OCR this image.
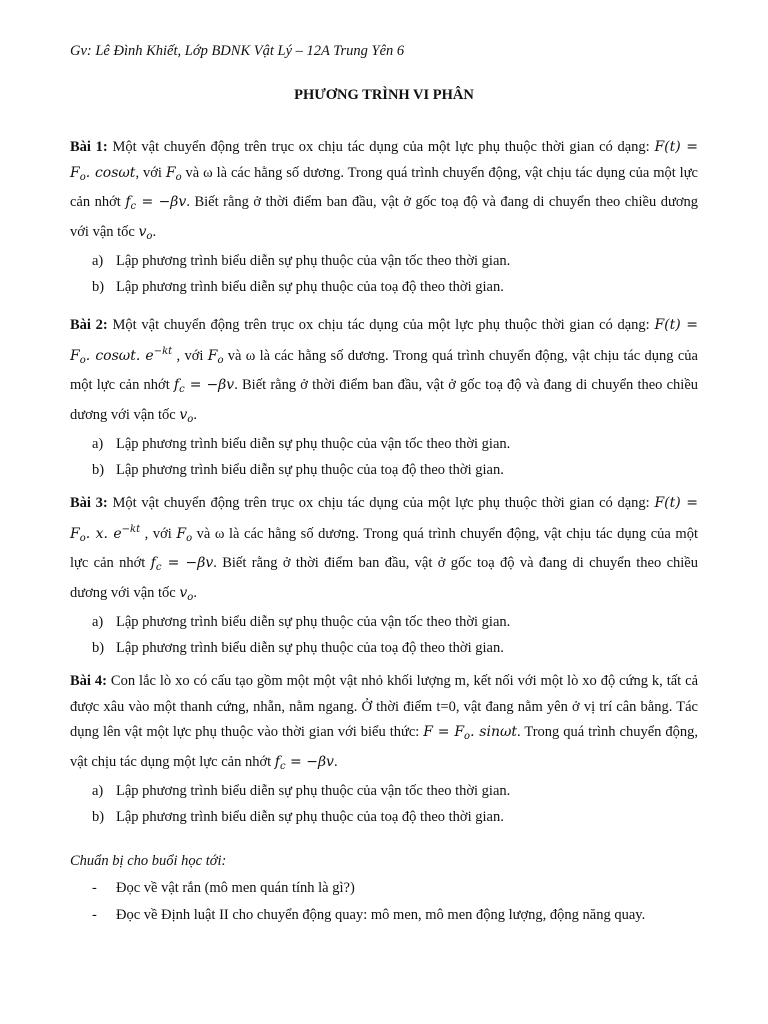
Gv: Lê Đình Khiết, Lớp BDNK Vật Lý – 12A Trung Yên 6
PHƯƠNG TRÌNH VI PHÂN
Bài 1: Một vật chuyển động trên trục ox chịu tác dụng của một lực phụ thuộc thời gian có dạng: $F(t) = F_o$. cosωt, với $F_o$ và ω là các hằng số dương. Trong quá trình chuyển động, vật chịu tác dụng của một lực cản nhớt $f_c = -\beta v$. Biết rằng ở thời điểm ban đầu, vật ở gốc toạ độ và đang di chuyển theo chiều dương với vận tốc $v_o$.
a) Lập phương trình biểu diễn sự phụ thuộc của vận tốc theo thời gian.
b) Lập phương trình biểu diễn sự phụ thuộc của toạ độ theo thời gian.
Bài 2: Một vật chuyển động trên trục ox chịu tác dụng của một lực phụ thuộc thời gian có dạng: $F(t) = F_o$. cosωt. $e^{-kt}$ , với $F_o$ và ω là các hằng số dương. Trong quá trình chuyển động, vật chịu tác dụng của một lực cản nhớt $f_c = -\beta v$. Biết rằng ở thời điểm ban đầu, vật ở gốc toạ độ và đang di chuyển theo chiều dương với vận tốc $v_o$.
a) Lập phương trình biểu diễn sự phụ thuộc của vận tốc theo thời gian.
b) Lập phương trình biểu diễn sự phụ thuộc của toạ độ theo thời gian.
Bài 3: Một vật chuyển động trên trục ox chịu tác dụng của một lực phụ thuộc thời gian có dạng: $F(t) = F_o$. x. $e^{-kt}$ , với $F_o$ và ω là các hằng số dương. Trong quá trình chuyển động, vật chịu tác dụng của một lực cản nhớt $f_c = -\beta v$. Biết rằng ở thời điểm ban đầu, vật ở gốc toạ độ và đang di chuyển theo chiều dương với vận tốc $v_o$.
a) Lập phương trình biểu diễn sự phụ thuộc của vận tốc theo thời gian.
b) Lập phương trình biểu diễn sự phụ thuộc của toạ độ theo thời gian.
Bài 4: Con lắc lò xo có cấu tạo gồm một một vật nhỏ khối lượng m, kết nối với một lò xo độ cứng k, tất cả được xâu vào một thanh cứng, nhẵn, nằm ngang. Ở thời điểm t=0, vật đang nằm yên ở vị trí cân bằng. Tác dụng lên vật một lực phụ thuộc vào thời gian với biểu thức: $F = F_o$. sinωt. Trong quá trình chuyển động, vật chịu tác dụng một lực cản nhớt $f_c = -\beta v$.
a) Lập phương trình biểu diễn sự phụ thuộc của vận tốc theo thời gian.
b) Lập phương trình biểu diễn sự phụ thuộc của toạ độ theo thời gian.
Chuẩn bị cho buổi học tới:
- Đọc về vật rắn (mô men quán tính là gì?)
- Đọc về Định luật II cho chuyển động quay: mô men, mô men động lượng, động năng quay.
